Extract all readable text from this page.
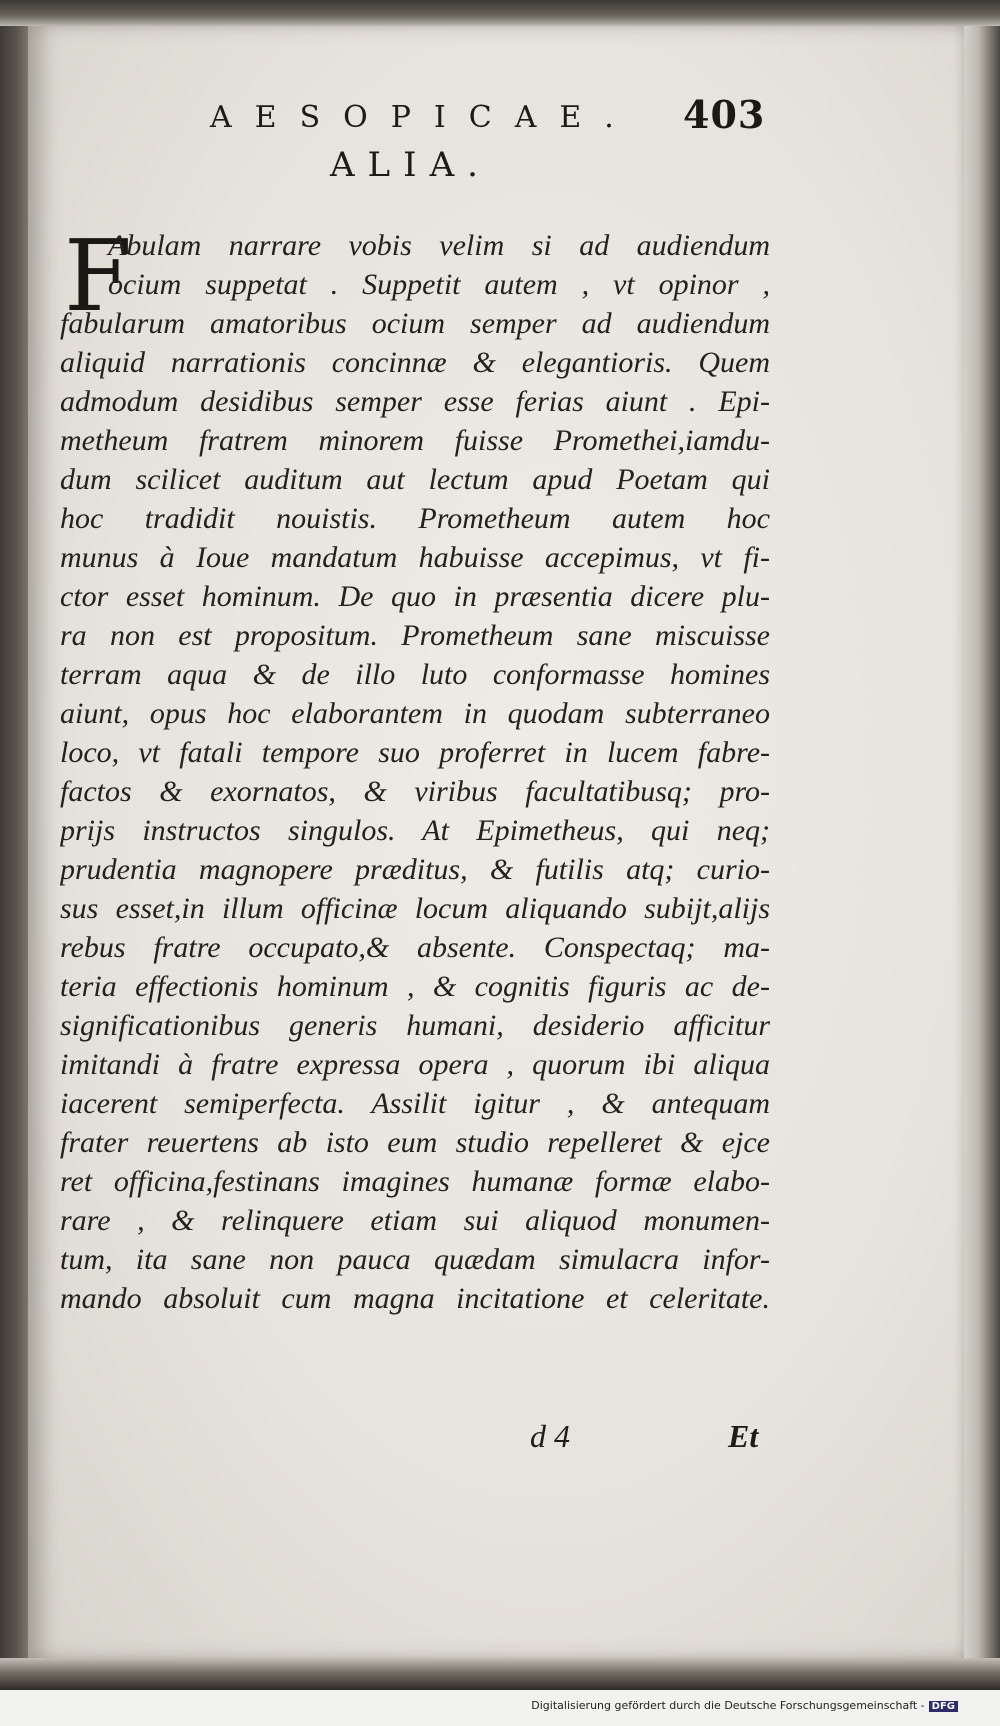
AESOPICAE. 403
ALIA.
F
Abulam narrare vobis velim si ad audiendum
ocium suppetat . Suppetit autem , vt opinor ,
fabularum amatoribus ocium semper ad audiendum
aliquid narrationis concinnæ & elegantioris. Quem
admodum desidibus semper esse ferias aiunt . Epi-
metheum fratrem minorem fuisse Promethei,iamdu-
dum scilicet auditum aut lectum apud Poetam qui
hoc tradidit nouistis. Prometheum autem hoc
munus à Ioue mandatum habuisse accepimus, vt fi-
ctor esset hominum. De quo in præsentia dicere plu-
ra non est propositum. Prometheum sane miscuisse
terram aqua & de illo luto conformasse homines
aiunt, opus hoc elaborantem in quodam subterraneo
loco, vt fatali tempore suo proferret in lucem fabre-
factos & exornatos, & viribus facultatibusq; pro-
prijs instructos singulos. At Epimetheus, qui neq;
prudentia magnopere præditus, & futilis atq; curio-
sus esset,in illum officinæ locum aliquando subijt,alijs
rebus fratre occupato,& absente. Conspectaq; ma-
teria effectionis hominum , & cognitis figuris ac de-
significationibus generis humani, desiderio afficitur
imitandi à fratre expressa opera , quorum ibi aliqua
iacerent semiperfecta. Assilit igitur , & antequam
frater reuertens ab isto eum studio repelleret & ejce
ret officina,festinans imagines humanæ formæ elabo-
rare , & relinquere etiam sui aliquod monumen-
tum, ita sane non pauca quædam simulacra infor-
mando absoluit cum magna incitatione et celeritate.
d 4	Et
Digitalisierung gefördert durch die Deutsche Forschungsgemeinschaft - DFG
